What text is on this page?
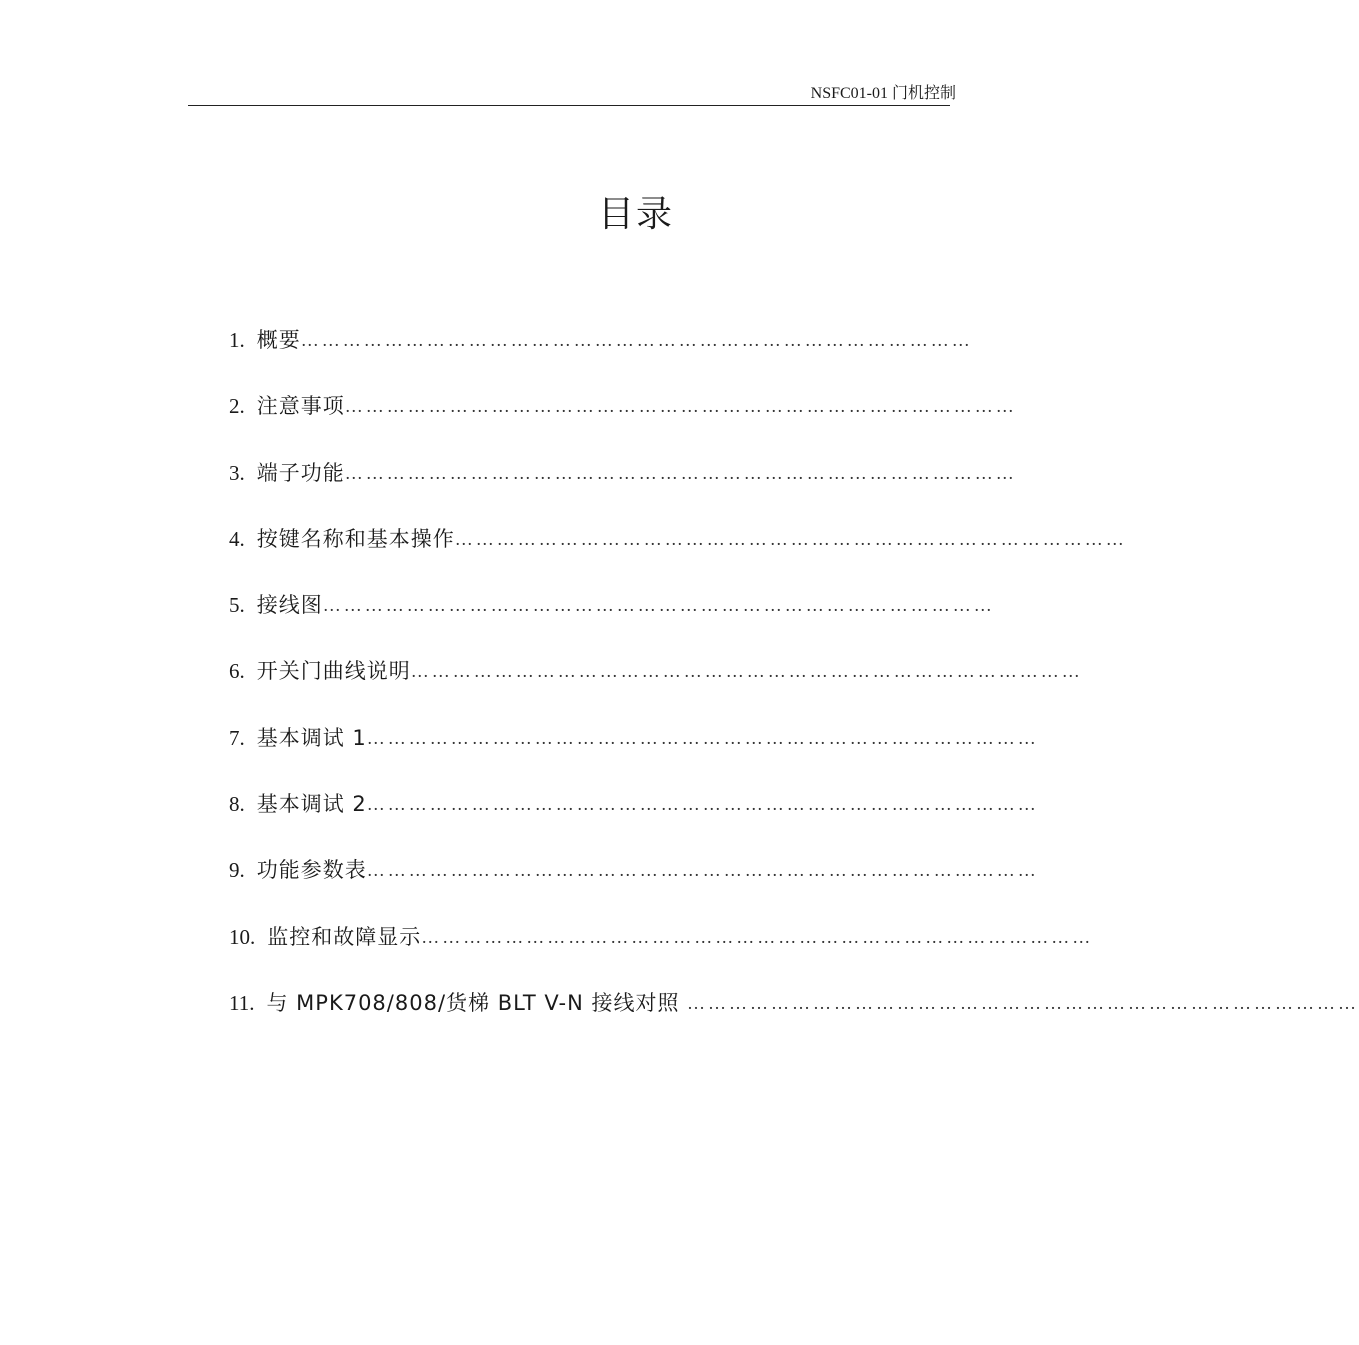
NSFC01-01 门机控制
目录
1. 概要 ……………………………………………………………………………………
2. 注意事项 ……………………………………………………………………………………
3. 端子功能 ……………………………………………………………………………………
4. 按键名称和基本操作 ……………………………………………………………………………………
5. 接线图 ……………………………………………………………………………………
6. 开关门曲线说明 ……………………………………………………………………………………
7. 基本调试 1 ……………………………………………………………………………………
8. 基本调试 2 ……………………………………………………………………………………
9. 功能参数表 ……………………………………………………………………………………
10. 监控和故障显示 ……………………………………………………………………………………
11. 与 MPK708/808/货梯 BLT V-N 接线对照 ……………………………………………………………………………………
